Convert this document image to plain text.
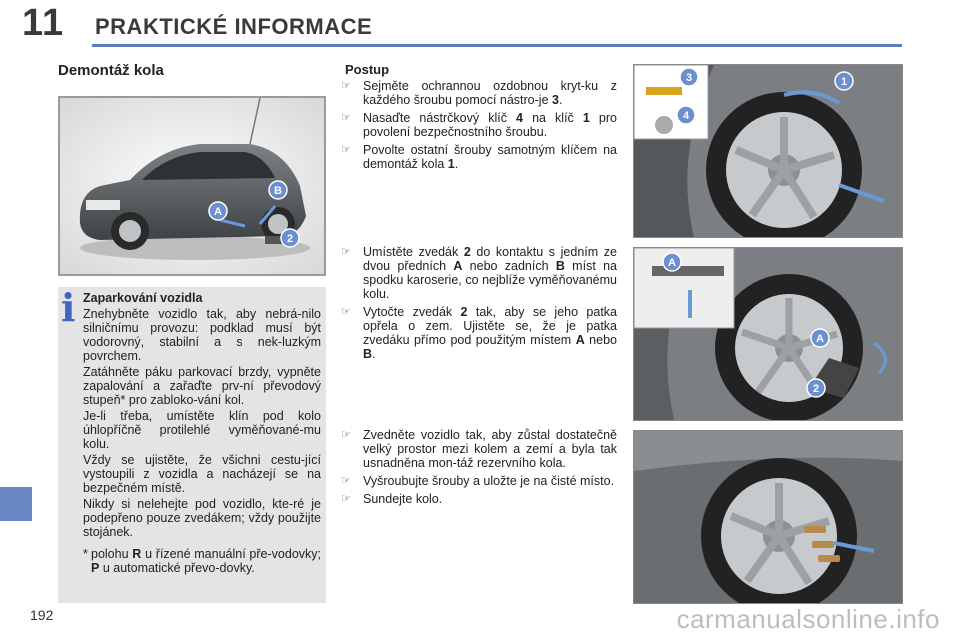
11 PRAKTICKÉ INFORMACE
Demontáž kola
A
B
2
i Zaparkování vozidla

Znehybněte vozidlo tak, aby nebrá-nilo silničnímu provozu: podklad musí být vodorovný, stabilní a s nek-luzkým povrchem.

Zatáhněte páku parkovací brzdy, vypněte zapalování a zařaďte prv-ní převodový stupeň* pro zabloko-vání kol.

Je-li třeba, umístěte klín pod kolo úhlopříčně protilehlé vyměňované-mu kolu.

Vždy se ujistěte, že všichni cestu-jící vystoupili z vozidla a nacházejí se na bezpečném místě.

Nikdy si nelehejte pod vozidlo, kte-ré je podepřeno pouze zvedákem; vždy použijte stojánek.

* polohu R u řízené manuální pře-vodovky; P u automatické převo-dovky.
Postup
☞ Sejměte ochrannou ozdobnou kryt-ku z každého šroubu pomocí nástro-je 3.
☞ Nasaďte nástrčkový klíč 4 na klíč 1 pro povolení bezpečnostního šroubu.
☞ Povolte ostatní šrouby samotným klíčem na demontáž kola 1.
☞ Umístěte zvedák 2 do kontaktu s jedním ze dvou předních A nebo zadních B míst na spodku karoserie, co nejblíže vyměňovanému kolu.
☞ Vytočte zvedák 2 tak, aby se jeho patka opřela o zem. Ujistěte se, že je patka zvedáku přímo pod použitým místem A nebo B.
☞ Zvedněte vozidlo tak, aby zůstal dostatečně velký prostor mezi kolem a zemí a byla tak usnadněna mon-táž rezervního kola.
☞ Vyšroubujte šrouby a uložte je na čisté místo.
☞ Sundejte kolo.
3
4
1
A
A
2
192	carmanualsonline.info
